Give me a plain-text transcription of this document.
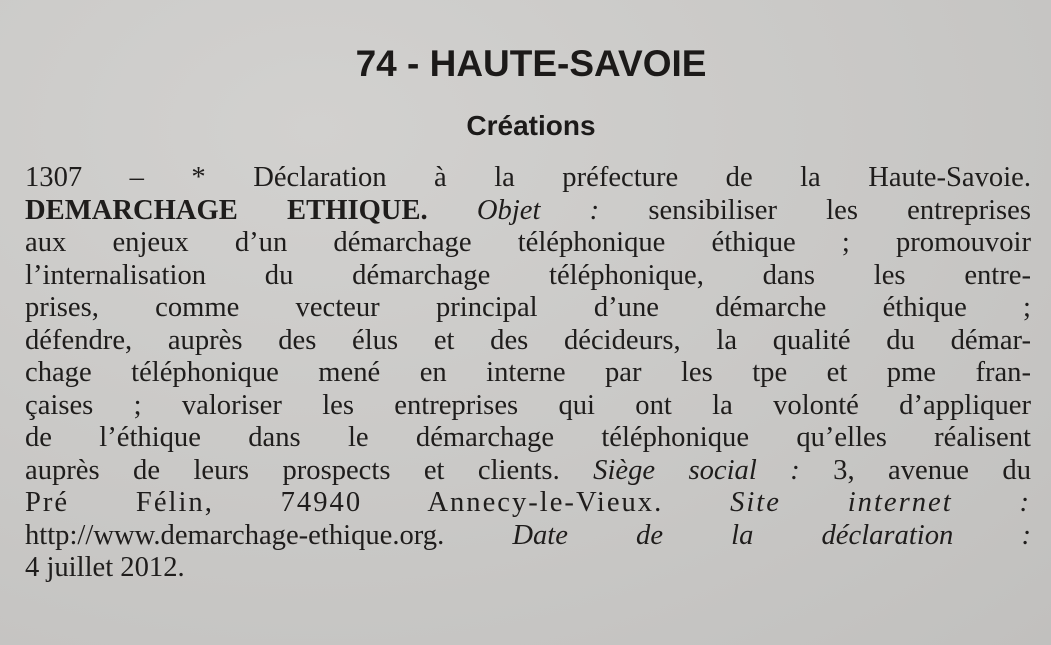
74 - HAUTE-SAVOIE
Créations
1307 – * Déclaration à la préfecture de la Haute-Savoie.
DEMARCHAGE ETHIQUE. Objet : sensibiliser les entreprises
aux enjeux d’un démarchage téléphonique éthique ; promouvoir
l’internalisation du démarchage téléphonique, dans les entre-
prises, comme vecteur principal d’une démarche éthique ;
défendre, auprès des élus et des décideurs, la qualité du démar-
chage téléphonique mené en interne par les tpe et pme fran-
çaises ; valoriser les entreprises qui ont la volonté d’appliquer
de l’éthique dans le démarchage téléphonique qu’elles réalisent
auprès de leurs prospects et clients. Siège social : 3, avenue du
Pré Félin, 74940 Annecy-le-Vieux. Site internet :
http://www.demarchage-ethique.org. Date de la déclaration :
4 juillet 2012.
